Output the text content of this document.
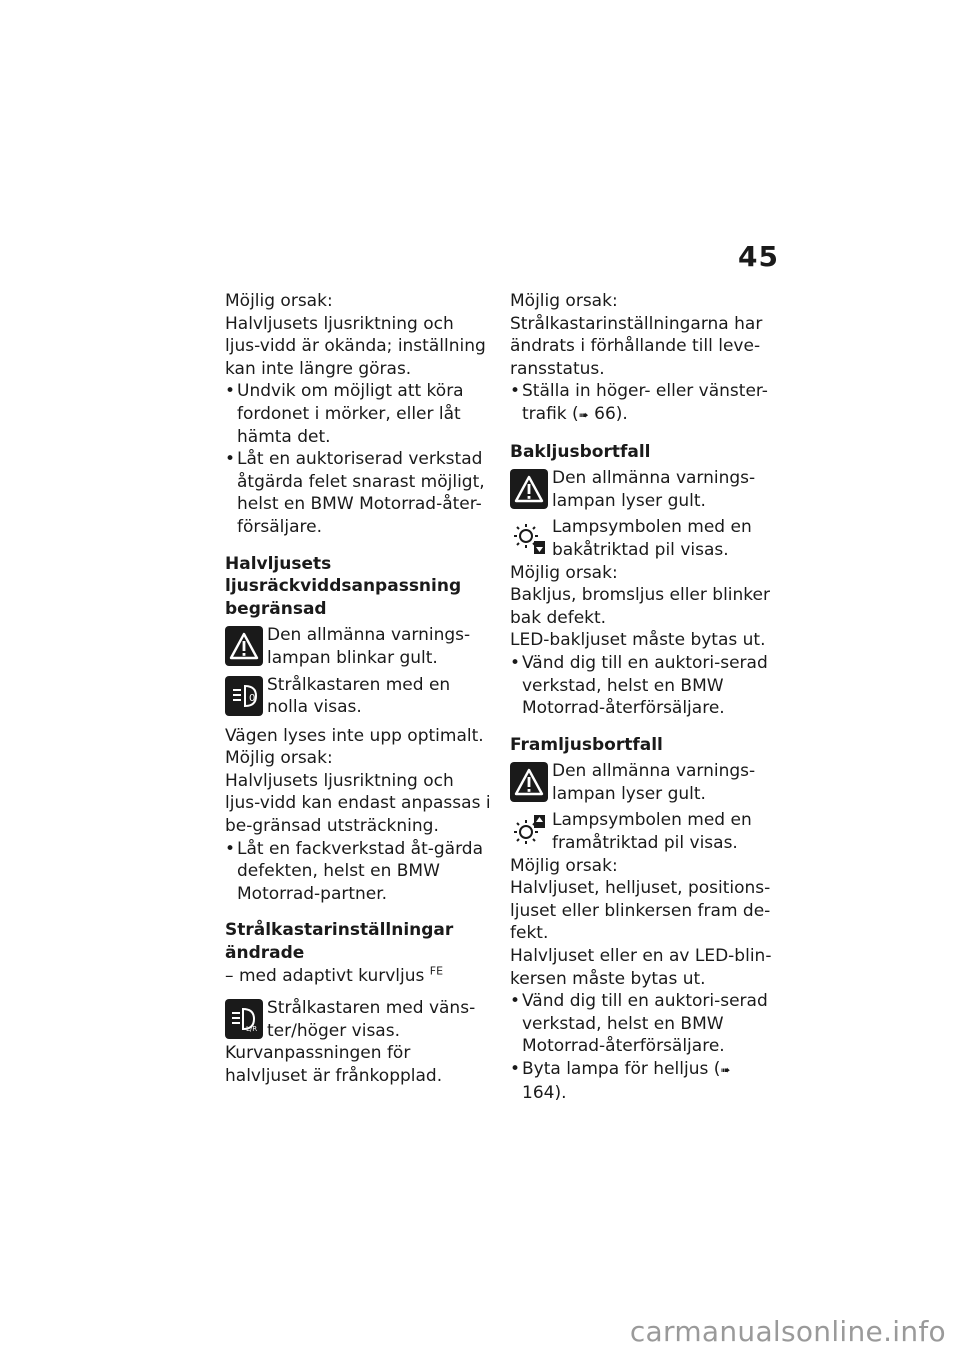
45

Möjlig orsak:

Halvljusets ljusriktning och ljus-vidd är okända; inställning kan inte längre göras.

• Undvik om möjligt att köra fordonet i mörker, eller låt hämta det.

• Låt en auktoriserad verkstad åtgärda felet snarast möjligt, helst en BMW Motorrad-åter-försäljare.

Halvljusets ljusräckviddsanpassning begränsad

Den allmänna varnings-lampan blinkar gult.

0

Strålkastaren med en nolla visas.

Vägen lyses inte upp optimalt.

Möjlig orsak:

Halvljusets ljusriktning och ljus-vidd kan endast anpassas i be-gränsad utsträckning.

• Låt en fackverkstad åt-gärda defekten, helst en BMW Motorrad-partner.

Strålkastarinställningar ändrade

– med adaptivt kurvljus $^{FE}$

L/R

Strålkastaren med väns-ter/höger visas.

Kurvanpassningen för halvljuset är frånkopplad.

Möjlig orsak:

Strålkastarinställningarna har ändrats i förhållande till leve-ransstatus.

• Ställa in höger- eller vänster-trafik (➠ 66).

Bakljusbortfall

Den allmänna varnings-lampan lyser gult.

Lampsymbolen med en bakåtriktad pil visas.

Möjlig orsak:

Bakljus, bromsljus eller blinker bak defekt.

LED-bakljuset måste bytas ut.

• Vänd dig till en auktori-serad verkstad, helst en BMW Motorrad-återförsäljare.

Framljusbortfall

Den allmänna varnings-lampan lyser gult.

Lampsymbolen med en framåtriktad pil visas.

Möjlig orsak:

Halvljuset, helljuset, positions-ljuset eller blinkersen fram de-fekt.

Halvljuset eller en av LED-blin-kersen måste bytas ut.

• Vänd dig till en auktori-serad verkstad, helst en BMW Motorrad-återförsäljare.

• Byta lampa för helljus (➠ 164).

carmanualsonline.info
